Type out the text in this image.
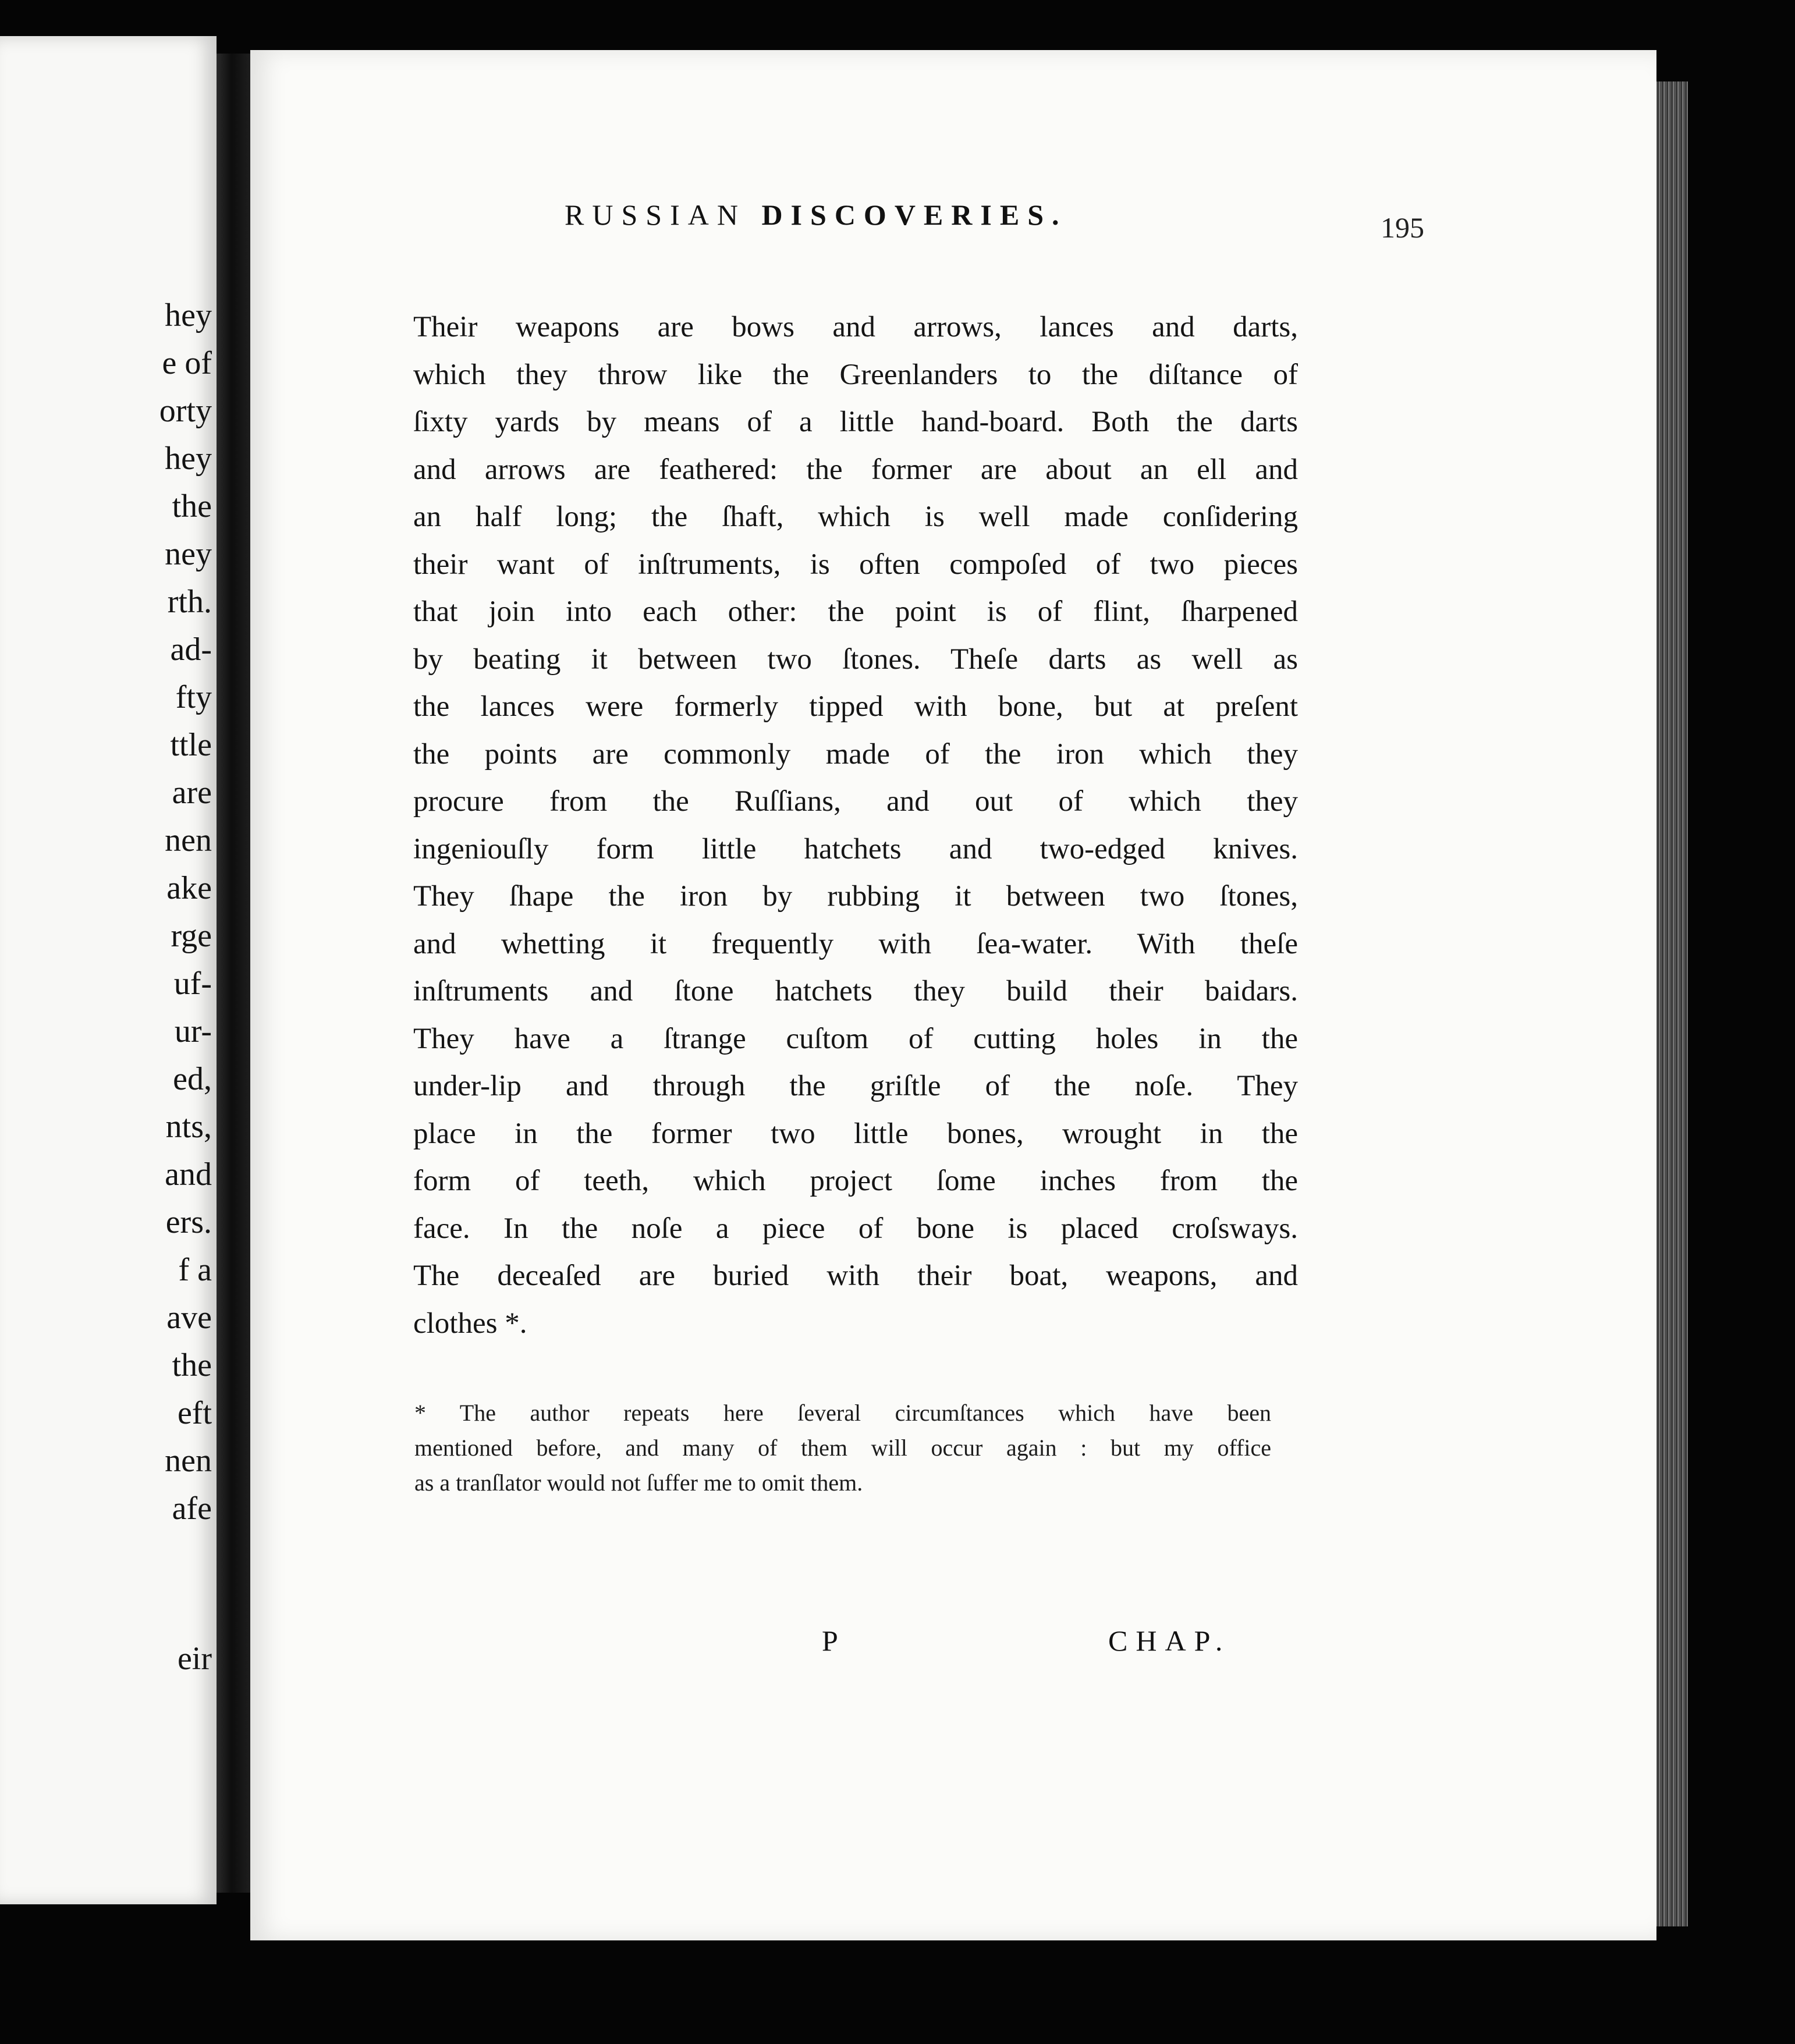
hey
e of
orty
hey
the
ney
rth.
ad-
fty
ttle
are
nen
ake
rge
uf-
ur-
ed,
nts,
and
ers.
f a
ave
the
eft
nen
afe
eir
RUSSIAN DISCOVERIES.	195
Their weapons are bows and arrows, lances and darts,
which they throw like the Greenlanders to the diſtance of
ſixty yards by means of a little hand-board. Both the darts
and arrows are feathered: the former are about an ell and
an half long; the ſhaft, which is well made conſidering
their want of inſtruments, is often compoſed of two pieces
that join into each other: the point is of flint, ſharpened
by beating it between two ſtones. Theſe darts as well as
the lances were formerly tipped with bone, but at preſent
the points are commonly made of the iron which they
procure from the Ruſſians, and out of which they
ingeniouſly form little hatchets and two-edged knives.
They ſhape the iron by rubbing it between two ſtones,
and whetting it frequently with ſea-water. With theſe
inſtruments and ſtone hatchets they build their baidars.
They have a ſtrange cuſtom of cutting holes in the
under-lip and through the griſtle of the noſe. They
place in the former two little bones, wrought in the
form of teeth, which project ſome inches from the
face. In the noſe a piece of bone is placed croſsways.
The deceaſed are buried with their boat, weapons, and
clothes *.
* The author repeats here ſeveral circumſtances which have been
mentioned before, and many of them will occur again : but my office
as a tranſlator would not ſuffer me to omit them.
P	CHAP.
